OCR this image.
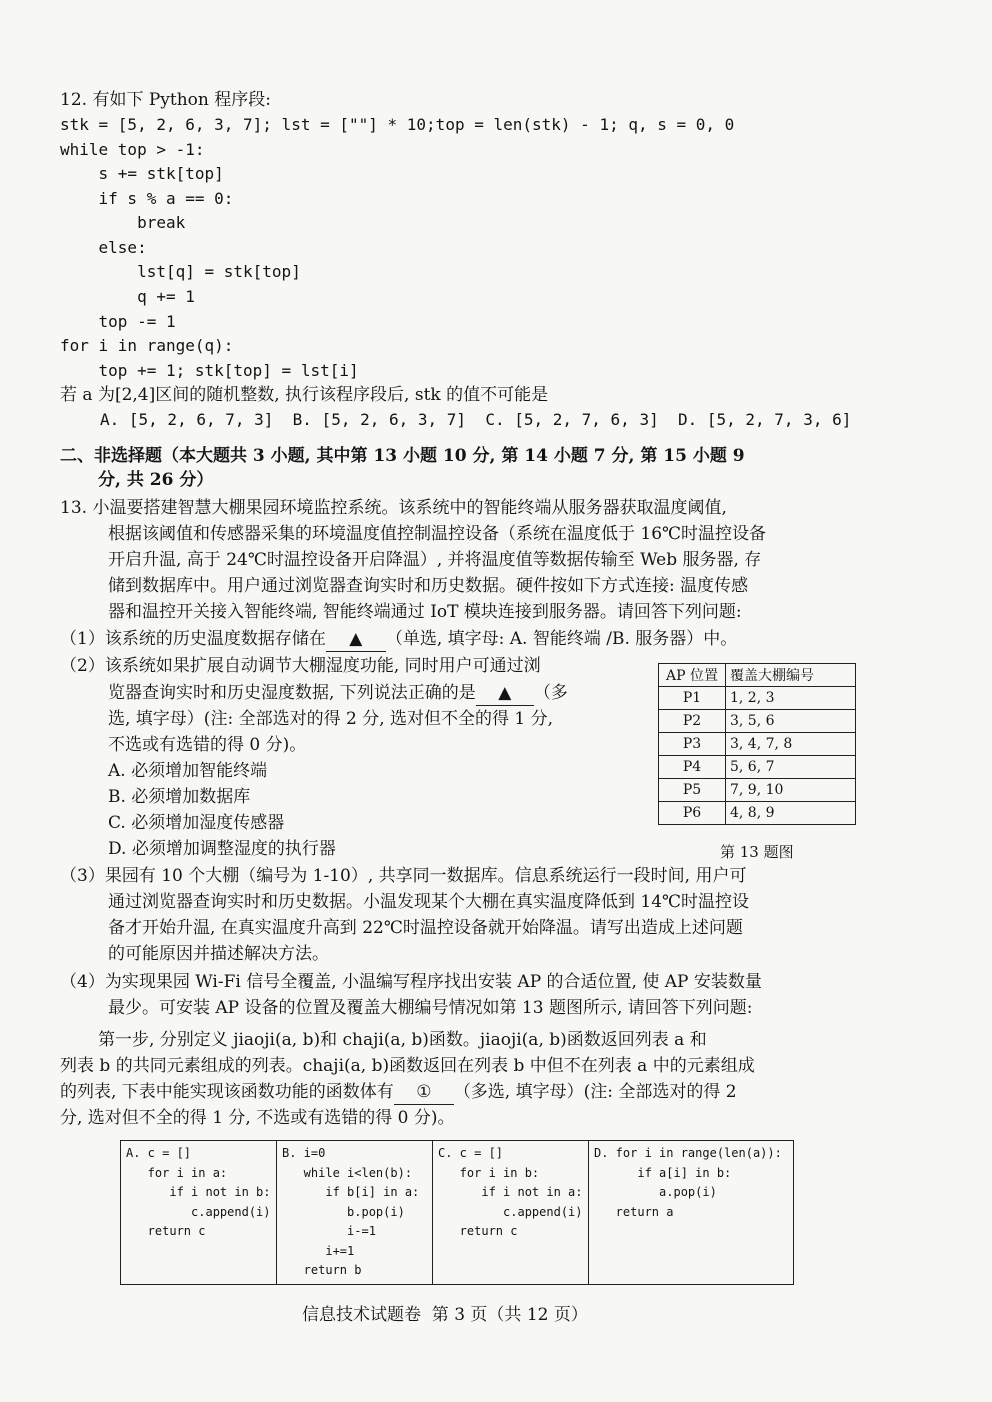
12. 有如下 Python 程序段:
stk = [5, 2, 6, 3, 7]; lst = [""] * 10;top = len(stk) - 1; q, s = 0, 0
while top > -1:
s += stk[top]
if s % a == 0:
break
else:
lst[q] = stk[top]
q += 1
top -= 1
for i in range(q):
top += 1; stk[top] = lst[i]
若 a 为[2,4]区间的随机整数, 执行该程序段后, stk 的值不可能是
A. [5, 2, 6, 7, 3]  B. [5, 2, 6, 3, 7]  C. [5, 2, 7, 6, 3]  D. [5, 2, 7, 3, 6]
二、非选择题（本大题共 3 小题, 其中第 13 小题 10 分, 第 14 小题 7 分, 第 15 小题 9
分, 共 26 分）
13. 小温要搭建智慧大棚果园环境监控系统。该系统中的智能终端从服务器获取温度阈值,
根据该阈值和传感器采集的环境温度值控制温控设备（系统在温度低于 16℃时温控设备
开启升温, 高于 24℃时温控设备开启降温）, 并将温度值等数据传输至 Web 服务器, 存
储到数据库中。用户通过浏览器查询实时和历史数据。硬件按如下方式连接: 温度传感
器和温控开关接入智能终端, 智能终端通过 IoT 模块连接到服务器。请回答下列问题:
（1）该系统的历史温度数据存储在 ▲ （单选, 填字母: A. 智能终端 /B. 服务器）中。
（2）该系统如果扩展自动调节大棚湿度功能, 同时用户可通过浏
览器查询实时和历史湿度数据, 下列说法正确的是 ▲ （多
选, 填字母）(注: 全部选对的得 2 分, 选对但不全的得 1 分,
不选或有选错的得 0 分)。
A. 必须增加智能终端
B. 必须增加数据库
C. 必须增加湿度传感器
D. 必须增加调整湿度的执行器
AP 位置	覆盖大棚编号
P1	1, 2, 3
P2	3, 5, 6
P3	3, 4, 7, 8
P4	5, 6, 7
P5	7, 9, 10
P6	4, 8, 9
第 13 题图
（3）果园有 10 个大棚（编号为 1-10）, 共享同一数据库。信息系统运行一段时间, 用户可
通过浏览器查询实时和历史数据。小温发现某个大棚在真实温度降低到 14℃时温控设
备才开始升温, 在真实温度升高到 22℃时温控设备就开始降温。请写出造成上述问题
的可能原因并描述解决方法。
（4）为实现果园 Wi-Fi 信号全覆盖, 小温编写程序找出安装 AP 的合适位置, 使 AP 安装数量
最少。可安装 AP 设备的位置及覆盖大棚编号情况如第 13 题图所示, 请回答下列问题:
第一步, 分别定义 jiaoji(a, b)和 chaji(a, b)函数。jiaoji(a, b)函数返回列表 a 和
列表 b 的共同元素组成的列表。chaji(a, b)函数返回在列表 b 中但不在列表 a 中的元素组成
的列表, 下表中能实现该函数功能的函数体有 ① （多选, 填字母）(注: 全部选对的得 2
分, 选对但不全的得 1 分, 不选或有选错的得 0 分)。
A. c = []
for i in a:
if i not in b:
c.append(i)
return c	B. i=0
while i<len(b):
if b[i] in a:
b.pop(i)
i-=1
i+=1
return b	C. c = []
for i in b:
if i not in a:
c.append(i)
return c	D. for i in range(len(a)):
if a[i] in b:
a.pop(i)
return a
信息技术试题卷  第 3 页（共 12 页）
